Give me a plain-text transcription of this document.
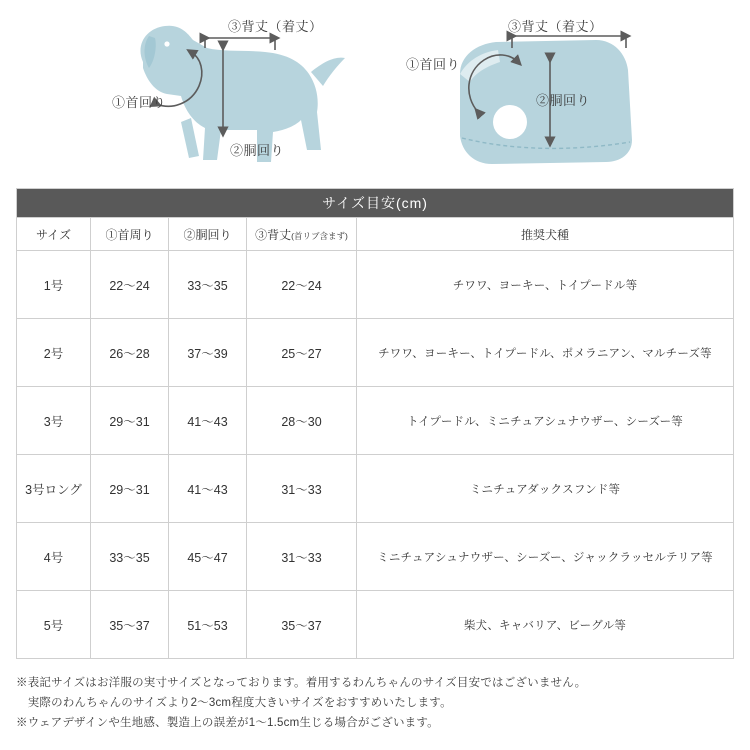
①首回り
②胴回り
③背丈（着丈）
①首回り
②胴回り
③背丈（着丈）
サイズ目安(cm)				
サイズ	①首周り	②胴回り	③背丈(首リブ含まず)	推奨犬種
1号	22～24	33～35	22～24	チワワ、ヨーキー、トイプードル等
2号	26～28	37～39	25～27	チワワ、ヨーキー、トイプードル、ポメラニアン、マルチーズ等
3号	29～31	41～43	28～30	トイプードル、ミニチュアシュナウザー、シーズー等
3号ロング	29～31	41～43	31～33	ミニチュアダックスフンド等
4号	33～35	45～47	31～33	ミニチュアシュナウザー、シーズー、ジャックラッセルテリア等
5号	35～37	51～53	35～37	柴犬、キャバリア、ビーグル等
※表記サイズはお洋服の実寸サイズとなっております。着用するわんちゃんのサイズ目安ではございません。
　実際のわんちゃんのサイズより2～3cm程度大きいサイズをおすすめいたします。
※ウェアデザインや生地感、製造上の誤差が1～1.5cm生じる場合がございます。
